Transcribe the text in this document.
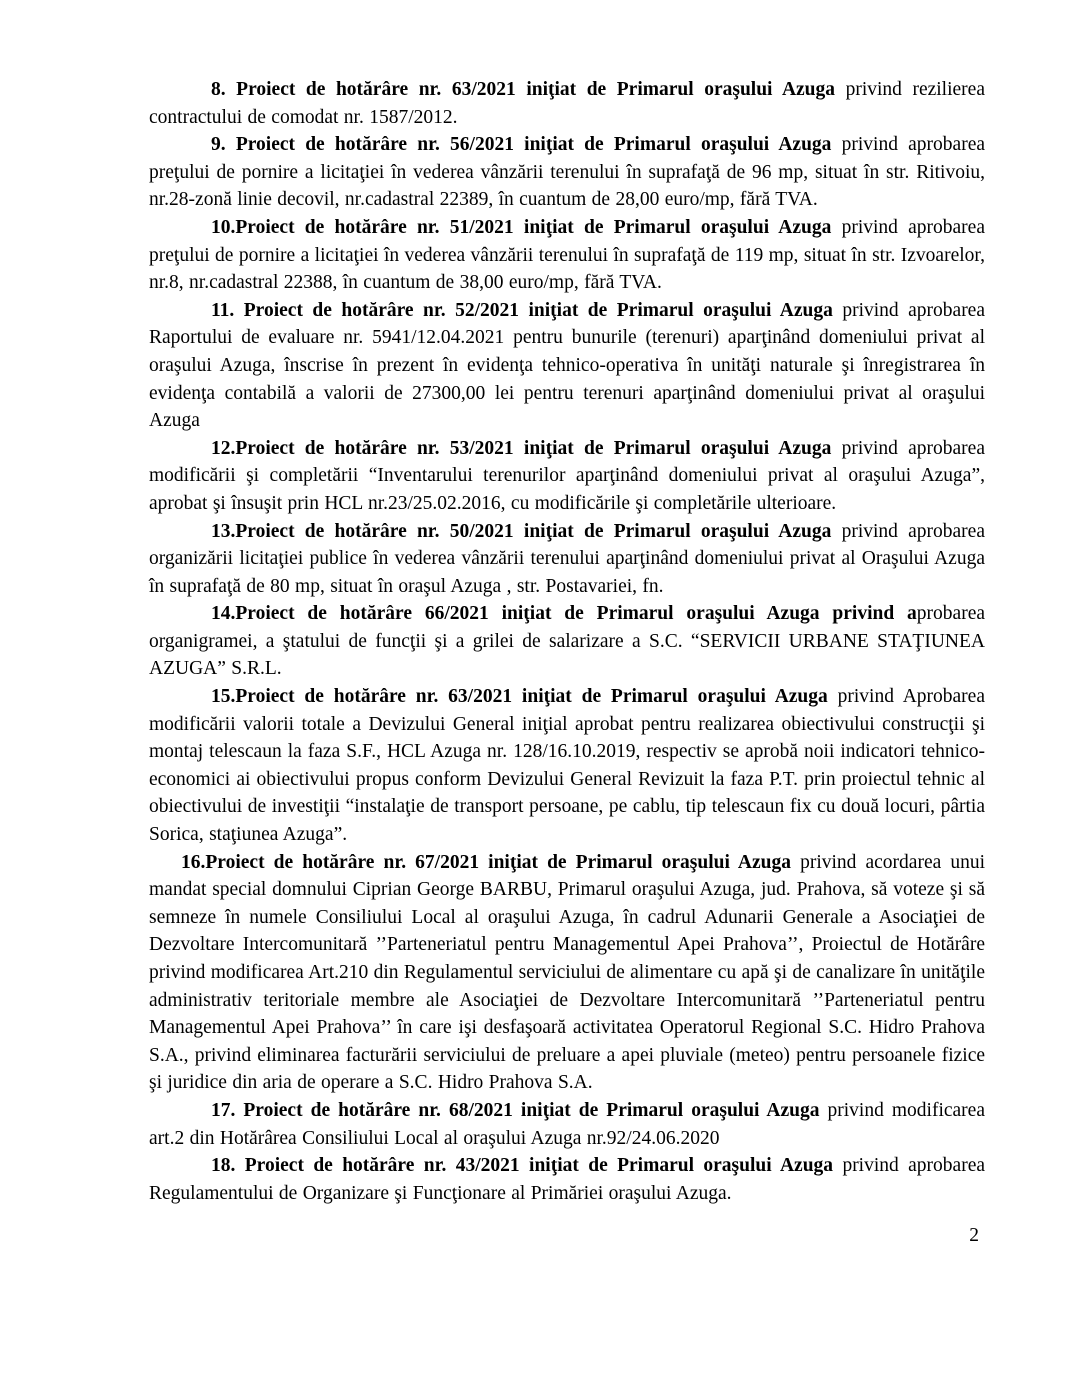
8. Proiect de hotărâre nr. 63/2021 iniţiat de Primarul oraşului Azuga privind rezilierea contractului de comodat nr. 1587/2012.

9. Proiect de hotărâre nr. 56/2021 iniţiat de Primarul oraşului Azuga privind aprobarea preţului de pornire a licitaţiei în vederea vânzării terenului în suprafaţă de 96 mp, situat în str. Ritivoiu, nr.28-zonă linie decovil, nr.cadastral 22389, în cuantum de 28,00 euro/mp, fără TVA.

10.Proiect de hotărâre nr. 51/2021 iniţiat de Primarul oraşului Azuga privind aprobarea preţului de pornire a licitaţiei în vederea vânzării terenului în suprafaţă de 119 mp, situat în str. Izvoarelor, nr.8, nr.cadastral 22388, în cuantum de 38,00 euro/mp, fără TVA.

11. Proiect de hotărâre nr. 52/2021 iniţiat de Primarul oraşului Azuga privind aprobarea Raportului de evaluare nr. 5941/12.04.2021 pentru bunurile (terenuri) aparţinând domeniului privat al oraşului Azuga, înscrise în prezent în evidenţa tehnico-operativa în unităţi naturale şi înregistrarea în evidenţa contabilă a valorii de 27300,00 lei pentru terenuri aparţinând domeniului privat al oraşului Azuga

12.Proiect de hotărâre nr. 53/2021 iniţiat de Primarul oraşului Azuga privind aprobarea modificării şi completării “Inventarului terenurilor aparţinând domeniului privat al oraşului Azuga”, aprobat şi însuşit prin HCL nr.23/25.02.2016, cu modificările şi completările ulterioare.

13.Proiect de hotărâre nr. 50/2021 iniţiat de Primarul oraşului Azuga privind aprobarea organizării licitaţiei publice în vederea vânzării terenului aparţinând domeniului privat al Oraşului Azuga în suprafaţă de 80 mp, situat în oraşul Azuga , str. Postavariei, fn.

14.Proiect de hotărâre 66/2021 iniţiat de Primarul oraşului Azuga privind aprobarea organigramei, a ştatului de funcţii şi a grilei de salarizare a S.C. “SERVICII URBANE STAŢIUNEA AZUGA” S.R.L.

15.Proiect de hotărâre nr. 63/2021 iniţiat de Primarul oraşului Azuga privind Aprobarea modificării valorii totale a Devizului General iniţial aprobat pentru realizarea obiectivului construcţii şi montaj telescaun la faza S.F., HCL Azuga nr. 128/16.10.2019, respectiv se aprobă noii indicatori tehnico-economici ai obiectivului propus conform Devizului General Revizuit la faza P.T. prin proiectul tehnic al obiectivului de investiţii “instalaţie de transport persoane, pe cablu, tip telescaun fix cu două locuri, pârtia Sorica, staţiunea Azuga”.

16.Proiect de hotărâre nr. 67/2021 iniţiat de Primarul oraşului Azuga privind acordarea unui mandat special domnului Ciprian George BARBU, Primarul oraşului Azuga, jud. Prahova, să voteze şi să semneze în numele Consiliului Local al oraşului Azuga, în cadrul Adunarii Generale a Asociaţiei de Dezvoltare Intercomunitară ’’Parteneriatul pentru Managementul Apei Prahova’’, Proiectul de Hotărâre privind modificarea Art.210 din Regulamentul serviciului de alimentare cu apă şi de canalizare în unităţile administrativ teritoriale membre ale Asociaţiei de Dezvoltare Intercomunitară ’’Parteneriatul pentru Managementul Apei Prahova’’ în care işi desfaşoară activitatea Operatorul Regional S.C. Hidro Prahova S.A., privind eliminarea facturării serviciului de preluare a apei pluviale (meteo) pentru persoanele fizice şi juridice din aria de operare a S.C. Hidro Prahova S.A.

17. Proiect de hotărâre nr. 68/2021 iniţiat de Primarul oraşului Azuga privind modificarea art.2 din Hotărârea Consiliului Local al oraşului Azuga nr.92/24.06.2020

18. Proiect de hotărâre nr. 43/2021 iniţiat de Primarul oraşului Azuga privind aprobarea Regulamentului de Organizare şi Funcţionare al Primăriei oraşului Azuga.

2
